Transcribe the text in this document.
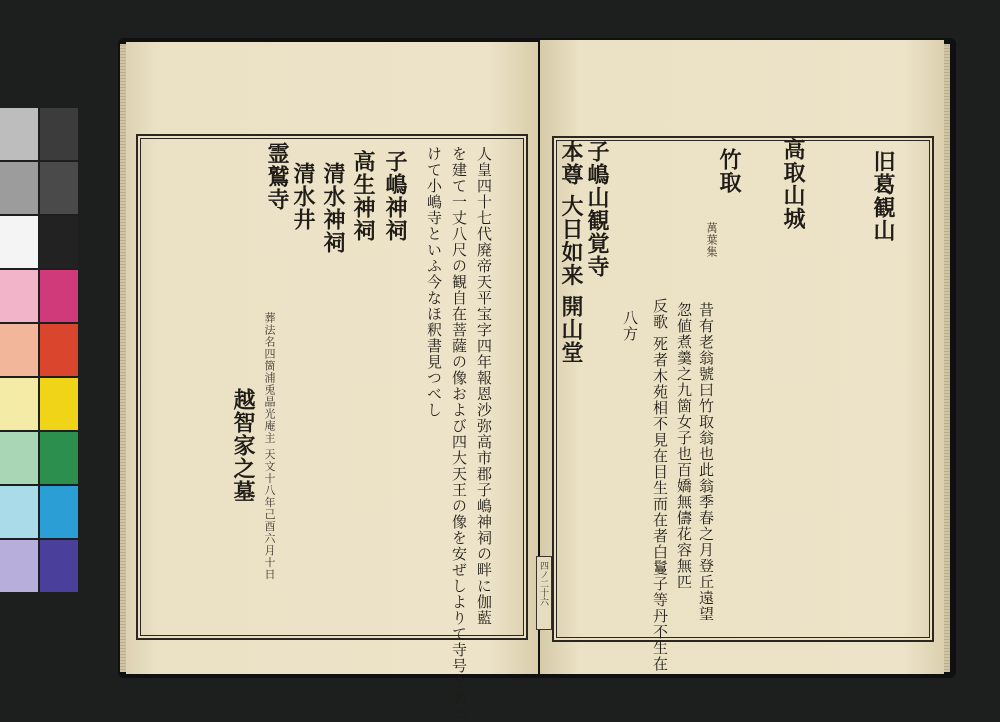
人皇四十七代廃帝天平宝字四年報恩沙弥高市郡子嶋神祠の畔に伽藍
を建て一丈八尺の観自在菩薩の像および四大天王の像を安ぜしよりて寺号を名づ
けて小嶋寺といふ今なほ釈書見つべし
子嶋神祠
高生神祠
清水神祠
清水井
霊鷲寺
越智家之墓 葬法名四箇浦兎晶光庵主 天文十八年己酉六月十日
旧葛観山
高取山城
竹取
萬葉集
昔有老翁號曰竹取翁也此翁季春之月登丘遠望
忽値煮羹之九箇女子也百嬌無儔花容無匹
反歌 死者木苑相不見在目生而在者白鬘子等丹不生在
八方
子嶋山観覚寺
本尊 大日如来 開山堂
四ノ二十六
